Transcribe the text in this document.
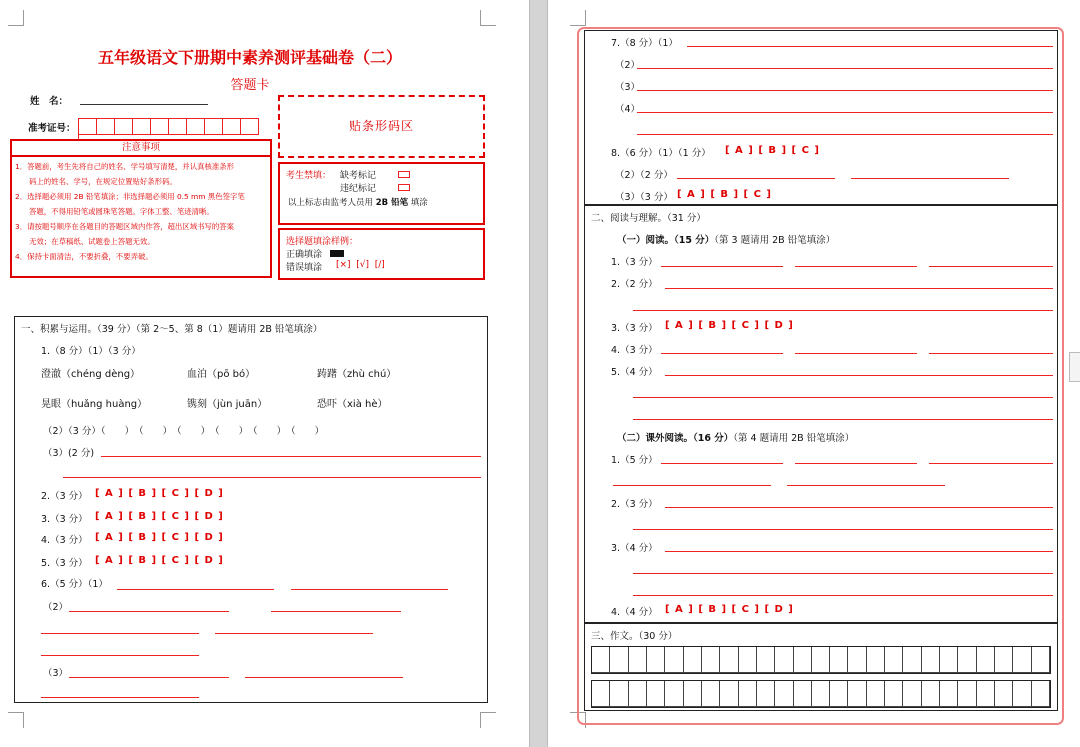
五年级语文下册期中素养测评基础卷（二）
答题卡
姓　名：
准考证号：	贴条形码区
注意事项

1．答题前，考生先将自己的姓名、学号填写清楚，并认真核准条形

码上的姓名、学号，在规定位置贴好条形码。

2．选择题必须用 2B 铅笔填涂；非选择题必须用 0.5 mm 黑色签字笔

答题，不得用铅笔或圆珠笔答题。字体工整、笔迹清晰。

3．请按题号顺序在各题目的答题区域内作答，超出区域书写的答案

无效；在草稿纸、试题卷上答题无效。

4．保持卡面清洁，不要折叠，不要弄破。

考生禁填： 缺考标记
违纪标记
以上标志由监考人员用 2B 铅笔 填涂
选择题填涂样例：
正确填涂
错误填涂 [×]  [√]  [/]
一、积累与运用。（39 分）（第 2～5、第 8（1）题请用 2B 铅笔填涂）
1.（8 分）（1）（3 分）
澄澈（chéng dèng）	血泊（pō bó）	踌躇（zhù chú）
晃眼（huǎng huàng）	镌刻（jùn juān）	恐吓（xià hè）
（2）（3 分）（　　）　（　　）　（　　）　（　　）　（　　）　（　　）
（3）(2 分)
2.（3 分） [ A ] [ B ] [ C ] [ D ]
3.（3 分） [ A ] [ B ] [ C ] [ D ]
4.（3 分） [ A ] [ B ] [ C ] [ D ]
5.（3 分） [ A ] [ B ] [ C ] [ D ]
6.（5 分）（1）
（2）
（3）
7.（8 分）（1）
（2）
（3）
（4）
8.（6 分）（1）（1 分） [ A ] [ B ] [ C ]
（2）（2 分）
（3）（3 分） [ A ] [ B ] [ C ]
二、阅读与理解。（31 分）
（一）阅读。（15 分）（第 3 题请用 2B 铅笔填涂）
1.（3 分）
2.（2 分）
3.（3 分） [ A ] [ B ] [ C ] [ D ]
4.（3 分）
5.（4 分）
（二）课外阅读。（16 分）（第 4 题请用 2B 铅笔填涂）
1.（5 分）
2.（3 分）
3.（4 分）
4.（4 分） [ A ] [ B ] [ C ] [ D ]
三、作文。（30 分）
